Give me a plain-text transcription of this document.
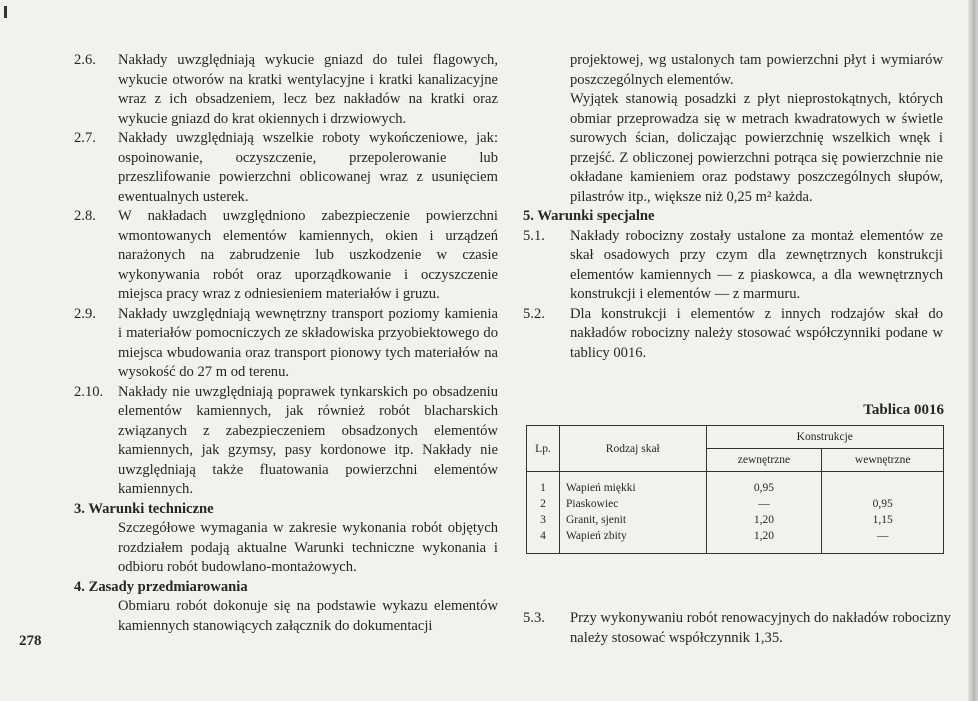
2.6. Nakłady uwzględniają wykucie gniazd do tulei flagowych, wykucie otworów na kratki wentylacyjne i kratki kanalizacyjne wraz z ich obsadzeniem, lecz bez nakładów na kratki oraz wykucie gniazd do krat okiennych i drzwiowych.
2.7. Nakłady uwzględniają wszelkie roboty wykończeniowe, jak: ospoinowanie, oczyszczenie, przepolerowanie lub przeszlifowanie powierzchni oblicowanej wraz z usunięciem ewentualnych usterek.
2.8. W nakładach uwzględniono zabezpieczenie powierzchni wmontowanych elementów kamiennych, okien i urządzeń narażonych na zabrudzenie lub uszkodzenie w czasie wykonywania robót oraz uporządkowanie i oczyszczenie miejsca pracy wraz z odniesieniem materiałów i gruzu.
2.9. Nakłady uwzględniają wewnętrzny transport poziomy kamienia i materiałów pomocniczych ze składowiska przyobiektowego do miejsca wbudowania oraz transport pionowy tych materiałów na wysokość do 27 m od terenu.
2.10. Nakłady nie uwzględniają poprawek tynkarskich po obsadzeniu elementów kamiennych, jak również robót blacharskich związanych z zabezpieczeniem obsadzonych elementów kamiennych, jak gzymsy, pasy kordonowe itp. Nakłady nie uwzględniają także fluatowania powierzchni elementów kamiennych.
3. Warunki techniczne
Szczegółowe wymagania w zakresie wykonania robót objętych rozdziałem podają aktualne Warunki techniczne wykonania i odbioru robót budowlano-montażowych.
4. Zasady przedmiarowania
Obmiaru robót dokonuje się na podstawie wykazu elementów kamiennych stanowiących załącznik do dokumentacji
278
projektowej, wg ustalonych tam powierzchni płyt i wymiarów poszczególnych elementów.
Wyjątek stanowią posadzki z płyt nieprostokątnych, których obmiar przeprowadza się w metrach kwadratowych w świetle surowych ścian, doliczając powierzchnię wszelkich wnęk i przejść. Z obliczonej powierzchni potrąca się powierzchnie nie okładane kamieniem oraz podstawy poszczególnych słupów, pilastrów itp., większe niż 0,25 m² każda.
5. Warunki specjalne
5.1. Nakłady robocizny zostały ustalone za montaż elementów ze skał osadowych przy czym dla zewnętrznych konstrukcji elementów kamiennych — z piaskowca, a dla wewnętrznych konstrukcji i elementów — z marmuru.
5.2. Dla konstrukcji i elementów z innych rodzajów skał do nakładów robocizny należy stosować współczynniki podane w tablicy 0016.
Tablica 0016
Lp.	Rodzaj skał	Konstrukcje	
		zewnętrzne	wewnętrzne
1	Wapień miękki	0,95	
2	Piaskowiec	—	0,95
3	Granit, sjenit	1,20	1,15
4	Wapień zbity	1,20	—
5.3. Przy wykonywaniu robót renowacyjnych do nakładów robocizny należy stosować współczynnik 1,35.
